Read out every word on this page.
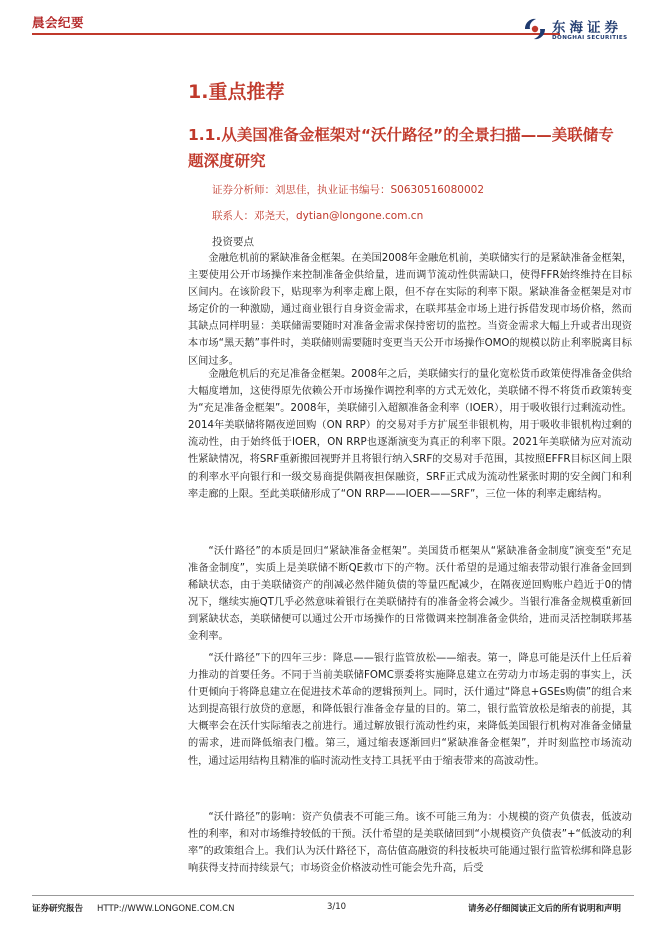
晨会纪要	东海证券
DONGHAI SECURITIES
1.重点推荐
1.1.从美国准备金框架对“沃什路径”的全景扫描——美联储专题深度研究
证券分析师：刘思佳，执业证书编号：S0630516080002
联系人：邓尧天，dytian@longone.com.cn
投资要点

金融危机前的紧缺准备金框架。在美国2008年金融危机前，美联储实行的是紧缺准备金框架，主要使用公开市场操作来控制准备金供给量，进而调节流动性供需缺口，使得FFR始终维持在目标区间内。在该阶段下，贴现率为利率走廊上限，但不存在实际的利率下限。紧缺准备金框架是对市场定价的一种激励，通过商业银行自身资金需求，在联邦基金市场上进行拆借发现市场价格，然而其缺点同样明显：美联储需要随时对准备金需求保持密切的监控。当资金需求大幅上升或者出现资本市场“黑天鹅”事件时，美联储则需要随时变更当天公开市场操作OMO的规模以防止利率脱离目标区间过多。

金融危机后的充足准备金框架。2008年之后，美联储实行的量化宽松货币政策使得准备金供给大幅度增加，这使得原先依赖公开市场操作调控利率的方式无效化，美联储不得不将货币政策转变为“充足准备金框架”。2008年，美联储引入超额准备金利率（IOER），用于吸收银行过剩流动性。2014年美联储将隔夜逆回购（ON RRP）的交易对手方扩展至非银机构，用于吸收非银机构过剩的流动性，由于始终低于IOER，ON RRP也逐渐演变为真正的利率下限。2021年美联储为应对流动性紧缺情况，将SRF重新搬回视野并且将银行纳入SRF的交易对手范围，其按照EFFR目标区间上限的利率水平向银行和一级交易商提供隔夜担保融资，SRF正式成为流动性紧张时期的安全阀门和利率走廊的上限。至此美联储形成了“ON RRP——IOER——SRF”，三位一体的利率走廊结构。

“沃什路径”的本质是回归“紧缺准备金框架”。美国货币框架从“紧缺准备金制度”演变至“充足准备金制度”，实质上是美联储不断QE救市下的产物。沃什希望的是通过缩表带动银行准备金回到稀缺状态，由于美联储资产的削减必然伴随负债的等量匹配减少，在隔夜逆回购账户趋近于0的情况下，继续实施QT几乎必然意味着银行在美联储持有的准备金将会减少。当银行准备金规模重新回到紧缺状态，美联储便可以通过公开市场操作的日常微调来控制准备金供给，进而灵活控制联邦基金利率。

“沃什路径”下的四年三步：降息——银行监管放松——缩表。第一，降息可能是沃什上任后着力推动的首要任务。不同于当前美联储FOMC票委将实施降息建立在劳动力市场走弱的事实上，沃什更倾向于将降息建立在促进技术革命的逻辑预判上。同时，沃什通过“降息+GSEs购债”的组合来达到提高银行放贷的意愿，和降低银行准备金存量的目的。第二，银行监管放松是缩表的前提，其大概率会在沃什实际缩表之前进行。通过解放银行流动性约束，来降低美国银行机构对准备金储量的需求，进而降低缩表门槛。第三，通过缩表逐渐回归“紧缺准备金框架”，并时刻监控市场流动性，通过运用结构且精准的临时流动性支持工具抚平由于缩表带来的高波动性。

“沃什路径”的影响：资产负债表不可能三角。该不可能三角为：小规模的资产负债表，低波动性的利率，和对市场维持较低的干预。沃什希望的是美联储回到“小规模资产负债表”+“低波动的利率”的政策组合上。我们认为沃什路径下，高估值高融资的科技板块可能通过银行监管松绑和降息影响获得支持而持续景气；市场资金价格波动性可能会先升高，后受

证券研究报告 HTTP://WWW.LONGONE.COM.CN	3/10	请务必仔细阅读正文后的所有说明和声明
